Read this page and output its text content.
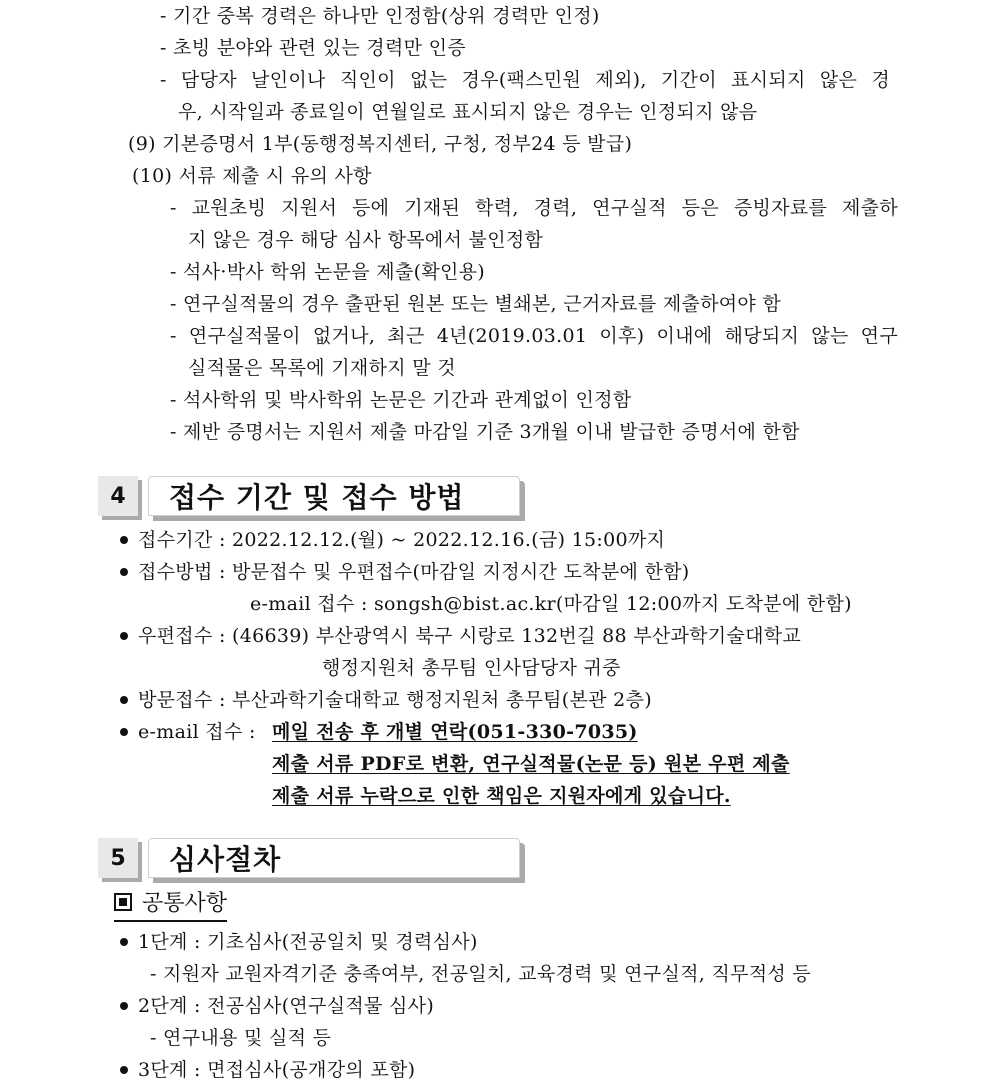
- 기간 중복 경력은 하나만 인정함(상위 경력만 인정)
- 초빙 분야와 관련 있는 경력만 인증
- 담당자 날인이나 직인이 없는 경우(팩스민원 제외), 기간이 표시되지 않은 경
우, 시작일과 종료일이 연월일로 표시되지 않은 경우는 인정되지 않음
(9) 기본증명서 1부(동행정복지센터, 구청, 정부24 등 발급)
(10) 서류 제출 시 유의 사항
- 교원초빙 지원서 등에 기재된 학력, 경력, 연구실적 등은 증빙자료를 제출하
지 않은 경우 해당 심사 항목에서 불인정함
- 석사·박사 학위 논문을 제출(확인용)
- 연구실적물의 경우 출판된 원본 또는 별쇄본, 근거자료를 제출하여야 함
- 연구실적물이 없거나, 최근 4년(2019.03.01 이후) 이내에 해당되지 않는 연구
실적물은 목록에 기재하지 말 것
- 석사학위 및 박사학위 논문은 기간과 관계없이 인정함
- 제반 증명서는 지원서 제출 마감일 기준 3개월 이내 발급한 증명서에 한함
4	접수 기간 및 접수 방법
접수기간 : 2022.12.12.(월) ~ 2022.12.16.(금) 15:00까지
접수방법 : 방문접수 및 우편접수(마감일 지정시간 도착분에 한함)
e-mail 접수 : songsh@bist.ac.kr(마감일 12:00까지 도착분에 한함)
우편접수 : (46639) 부산광역시 북구 시랑로 132번길 88 부산과학기술대학교
행정지원처 총무팀 인사담당자 귀중
방문접수 : 부산과학기술대학교 행정지원처 총무팀(본관 2층)
e-mail 접수 : 메일 전송 후 개별 연락(051-330-7035)
제출 서류 PDF로 변환, 연구실적물(논문 등) 원본 우편 제출
제출 서류 누락으로 인한 책임은 지원자에게 있습니다.
5	심사절차
공통사항
1단계 : 기초심사(전공일치 및 경력심사)
- 지원자 교원자격기준 충족여부, 전공일치, 교육경력 및 연구실적, 직무적성 등
2단계 : 전공심사(연구실적물 심사)
- 연구내용 및 실적 등
3단계 : 면접심사(공개강의 포함)
